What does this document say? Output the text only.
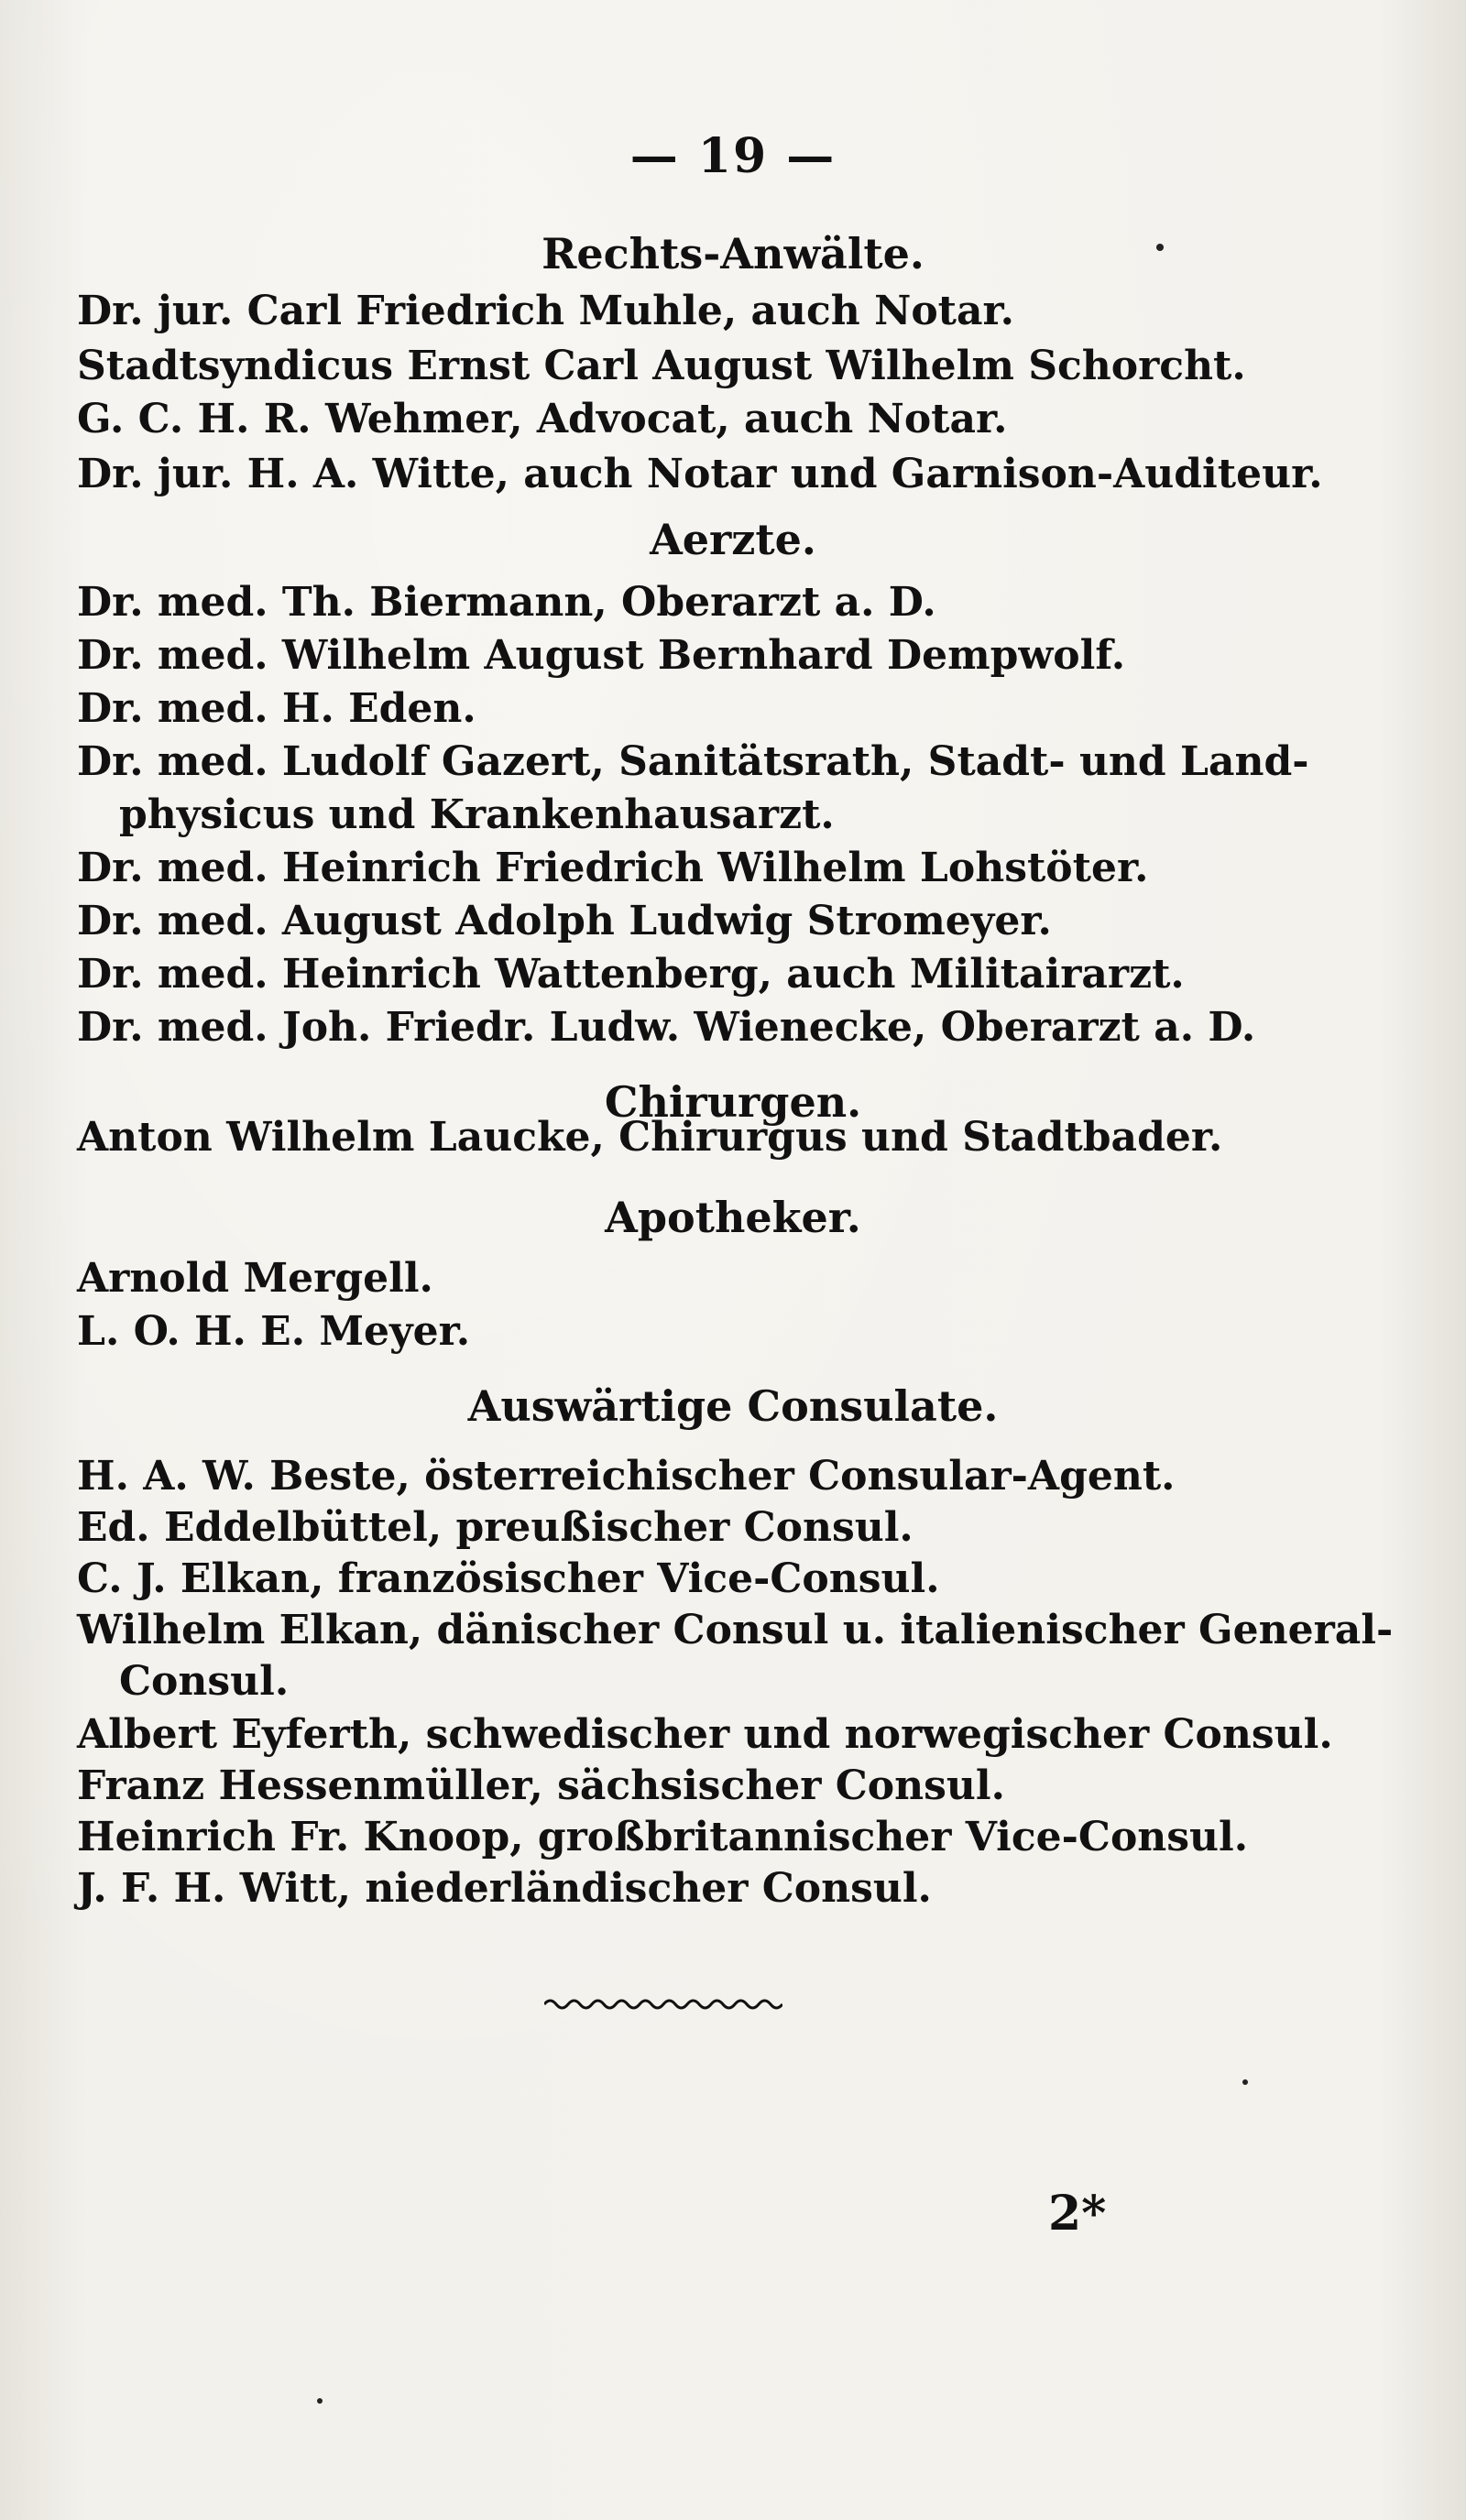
— 19 —
Rechts-Anwälte.
Dr. jur. Carl Friedrich Muhle, auch Notar.
Stadtsyndicus Ernst Carl August Wilhelm Schorcht.
G. C. H. R. Wehmer, Advocat, auch Notar.
Dr. jur. H. A. Witte, auch Notar und Garnison-Auditeur.
Aerzte.
Dr. med. Th. Biermann, Oberarzt a. D.
Dr. med. Wilhelm August Bernhard Dempwolf.
Dr. med. H. Eden.
Dr. med. Ludolf Gazert, Sanitätsrath, Stadt- und Land-
physicus und Krankenhausarzt.
Dr. med. Heinrich Friedrich Wilhelm Lohstöter.
Dr. med. August Adolph Ludwig Stromeyer.
Dr. med. Heinrich Wattenberg, auch Militairarzt.
Dr. med. Joh. Friedr. Ludw. Wienecke, Oberarzt a. D.
Chirurgen.
Anton Wilhelm Laucke, Chirurgus und Stadtbader.
Apotheker.
Arnold Mergell.
L. O. H. E. Meyer.
Auswärtige Consulate.
H. A. W. Beste, österreichischer Consular-Agent.
Ed. Eddelbüttel, preußischer Consul.
C. J. Elkan, französischer Vice-Consul.
Wilhelm Elkan, dänischer Consul u. italienischer General-
Consul.
Albert Eyferth, schwedischer und norwegischer Consul.
Franz Hessenmüller, sächsischer Consul.
Heinrich Fr. Knoop, großbritannischer Vice-Consul.
J. F. H. Witt, niederländischer Consul.
2*
